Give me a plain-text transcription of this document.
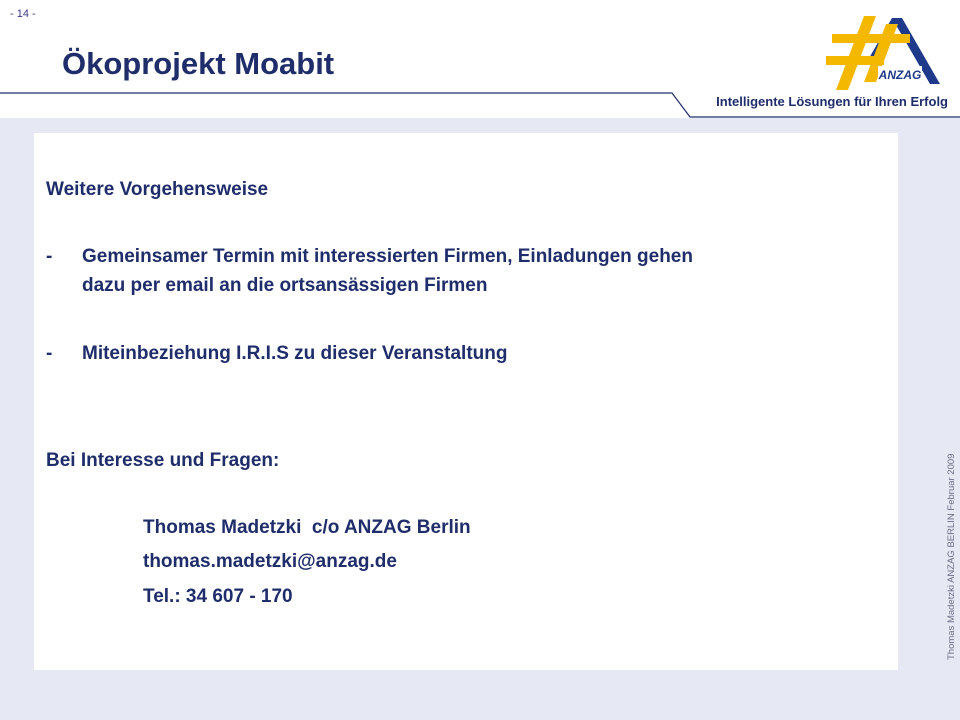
- 14 -
Ökoprojekt Moabit
Intelligente Lösungen für Ihren Erfolg
ANZAG
Weitere Vorgehensweise
- Gemeinsamer Termin mit interessierten Firmen, Einladungen gehen
dazu per email an die ortsansässigen Firmen
- Miteinbeziehung I.R.I.S zu dieser Veranstaltung
Bei Interesse und Fragen:
Thomas Madetzki  c/o ANZAG Berlin
thomas.madetzki@anzag.de
Tel.: 34 607 - 170	Thomas Madetzki ANZAG BERLIN Februar 2009
